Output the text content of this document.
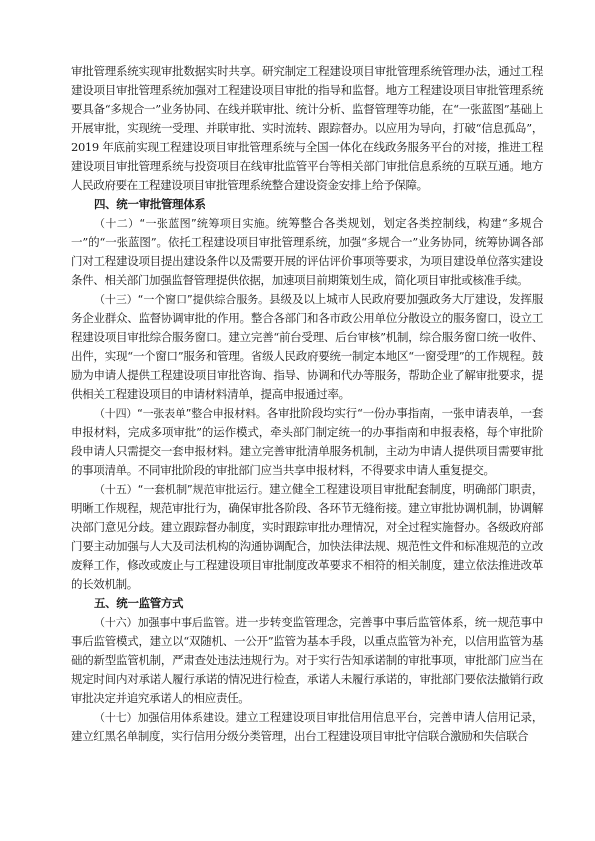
审批管理系统实现审批数据实时共享。研究制定工程建设项目审批管理系统管理办法，通过工程建设项目审批管理系统加强对工程建设项目审批的指导和监督。地方工程建设项目审批管理系统要具备“多规合一”业务协同、在线并联审批、统计分析、监督管理等功能，在“一张蓝图”基础上开展审批，实现统一受理、并联审批、实时流转、跟踪督办。以应用为导向，打破“信息孤岛”，2019 年底前实现工程建设项目审批管理系统与全国一体化在线政务服务平台的对接，推进工程建设项目审批管理系统与投资项目在线审批监管平台等相关部门审批信息系统的互联互通。地方人民政府要在工程建设项目审批管理系统整合建设资金安排上给予保障。

四、统一审批管理体系

（十二）“一张蓝图”统筹项目实施。统筹整合各类规划，划定各类控制线，构建“多规合一”的“一张蓝图”。依托工程建设项目审批管理系统，加强“多规合一”业务协同，统筹协调各部门对工程建设项目提出建设条件以及需要开展的评估评价事项等要求，为项目建设单位落实建设条件、相关部门加强监督管理提供依据，加速项目前期策划生成，简化项目审批或核准手续。

（十三）“一个窗口”提供综合服务。县级及以上城市人民政府要加强政务大厅建设，发挥服务企业群众、监督协调审批的作用。整合各部门和各市政公用单位分散设立的服务窗口，设立工程建设项目审批综合服务窗口。建立完善“前台受理、后台审核”机制，综合服务窗口统一收件、出件，实现“一个窗口”服务和管理。省级人民政府要统一制定本地区“一窗受理”的工作规程。鼓励为申请人提供工程建设项目审批咨询、指导、协调和代办等服务，帮助企业了解审批要求，提供相关工程建设项目的申请材料清单，提高申报通过率。

（十四）“一张表单”整合申报材料。各审批阶段均实行“一份办事指南，一张申请表单，一套申报材料，完成多项审批”的运作模式，牵头部门制定统一的办事指南和申报表格，每个审批阶段申请人只需提交一套申报材料。建立完善审批清单服务机制，主动为申请人提供项目需要审批的事项清单。不同审批阶段的审批部门应当共享申报材料，不得要求申请人重复提交。

（十五）“一套机制”规范审批运行。建立健全工程建设项目审批配套制度，明确部门职责，明晰工作规程，规范审批行为，确保审批各阶段、各环节无缝衔接。建立审批协调机制，协调解决部门意见分歧。建立跟踪督办制度，实时跟踪审批办理情况，对全过程实施督办。各级政府部门要主动加强与人大及司法机构的沟通协调配合，加快法律法规、规范性文件和标准规范的立改废释工作，修改或废止与工程建设项目审批制度改革要求不相符的相关制度，建立依法推进改革的长效机制。

五、统一监管方式

（十六）加强事中事后监管。进一步转变监管理念，完善事中事后监管体系，统一规范事中事后监管模式，建立以“双随机、一公开”监管为基本手段，以重点监管为补充，以信用监管为基础的新型监管机制，严肃查处违法违规行为。对于实行告知承诺制的审批事项，审批部门应当在规定时间内对承诺人履行承诺的情况进行检查，承诺人未履行承诺的，审批部门要依法撤销行政审批决定并追究承诺人的相应责任。

（十七）加强信用体系建设。建立工程建设项目审批信用信息平台，完善申请人信用记录，建立红黑名单制度，实行信用分级分类管理，出台工程建设项目审批守信联合激励和失信联合
